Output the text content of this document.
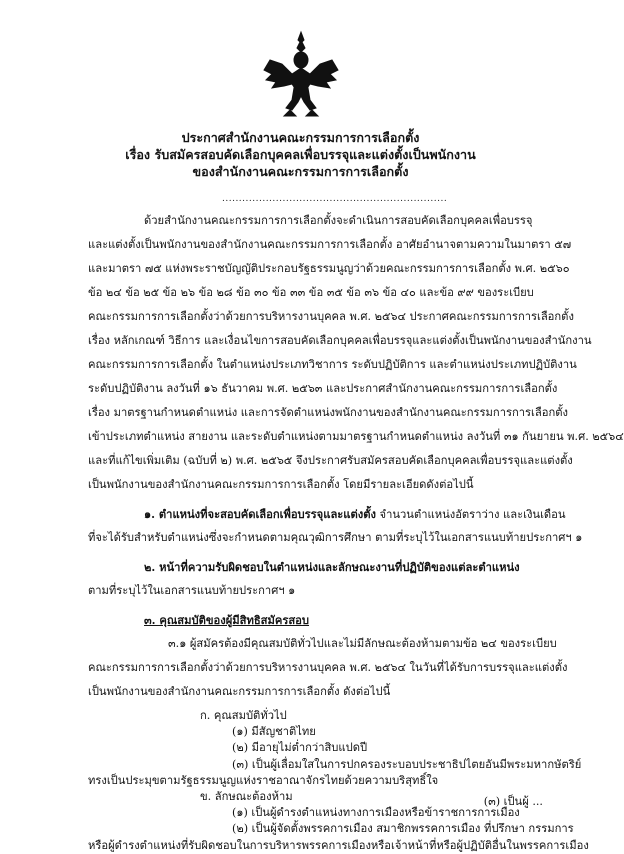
ประกาศสำนักงานคณะกรรมการการเลือกตั้ง
เรื่อง รับสมัครสอบคัดเลือกบุคคลเพื่อบรรจุและแต่งตั้งเป็นพนักงาน
ของสำนักงานคณะกรรมการการเลือกตั้ง
...................................................................
ด้วยสำนักงานคณะกรรมการการเลือกตั้งจะดำเนินการสอบคัดเลือกบุคคลเพื่อบรรจุ
และแต่งตั้งเป็นพนักงานของสำนักงานคณะกรรมการการเลือกตั้ง อาศัยอำนาจตามความในมาตรา ๕๗
และมาตรา ๗๕ แห่งพระราชบัญญัติประกอบรัฐธรรมนูญว่าด้วยคณะกรรมการการเลือกตั้ง พ.ศ. ๒๕๖๐
ข้อ ๒๔ ข้อ ๒๕ ข้อ ๒๖ ข้อ ๒๘ ข้อ ๓๐ ข้อ ๓๓ ข้อ ๓๕ ข้อ ๓๖ ข้อ ๔๐ และข้อ ๙๙ ของระเบียบ
คณะกรรมการการเลือกตั้งว่าด้วยการบริหารงานบุคคล พ.ศ. ๒๕๖๔ ประกาศคณะกรรมการการเลือกตั้ง
เรื่อง หลักเกณฑ์ วิธีการ และเงื่อนไขการสอบคัดเลือกบุคคลเพื่อบรรจุและแต่งตั้งเป็นพนักงานของสำนักงาน
คณะกรรมการการเลือกตั้ง ในตำแหน่งประเภทวิชาการ ระดับปฏิบัติการ และตำแหน่งประเภทปฏิบัติงาน
ระดับปฏิบัติงาน ลงวันที่ ๑๖ ธันวาคม พ.ศ. ๒๕๖๓ และประกาศสำนักงานคณะกรรมการการเลือกตั้ง
เรื่อง มาตรฐานกำหนดตำแหน่ง และการจัดตำแหน่งพนักงานของสำนักงานคณะกรรมการการเลือกตั้ง
เข้าประเภทตำแหน่ง สายงาน และระดับตำแหน่งตามมาตรฐานกำหนดตำแหน่ง ลงวันที่ ๓๑ กันยายน พ.ศ. ๒๕๖๔
และที่แก้ไขเพิ่มเติม (ฉบับที่ ๒) พ.ศ. ๒๕๖๕ จึงประกาศรับสมัครสอบคัดเลือกบุคคลเพื่อบรรจุและแต่งตั้ง
เป็นพนักงานของสำนักงานคณะกรรมการการเลือกตั้ง โดยมีรายละเอียดดังต่อไปนี้
๑. ตำแหน่งที่จะสอบคัดเลือกเพื่อบรรจุและแต่งตั้ง จำนวนตำแหน่งอัตราว่าง และเงินเดือน
ที่จะได้รับสำหรับตำแหน่งซึ่งจะกำหนดตามคุณวุฒิการศึกษา ตามที่ระบุไว้ในเอกสารแนบท้ายประกาศฯ ๑
๒. หน้าที่ความรับผิดชอบในตำแหน่งและลักษณะงานที่ปฏิบัติของแต่ละตำแหน่ง
ตามที่ระบุไว้ในเอกสารแนบท้ายประกาศฯ ๑
๓. คุณสมบัติของผู้มีสิทธิสมัครสอบ
๓.๑ ผู้สมัครต้องมีคุณสมบัติทั่วไปและไม่มีลักษณะต้องห้ามตามข้อ ๒๔ ของระเบียบ
คณะกรรมการการเลือกตั้งว่าด้วยการบริหารงานบุคคล พ.ศ. ๒๕๖๔ ในวันที่ได้รับการบรรจุและแต่งตั้ง
เป็นพนักงานของสำนักงานคณะกรรมการการเลือกตั้ง ดังต่อไปนี้
ก. คุณสมบัติทั่วไป
(๑) มีสัญชาติไทย
(๒) มีอายุไม่ต่ำกว่าสิบแปดปี
(๓) เป็นผู้ ...
(๓) เป็นผู้เลื่อมใสในการปกครองระบอบประชาธิปไตยอันมีพระมหากษัตริย์
ทรงเป็นประมุขตามรัฐธรรมนูญแห่งราชอาณาจักรไทยด้วยความบริสุทธิ์ใจ
ข. ลักษณะต้องห้าม
(๑) เป็นผู้ดำรงตำแหน่งทางการเมืองหรือข้าราชการการเมือง
(๒) เป็นผู้จัดตั้งพรรคการเมือง สมาชิกพรรคการเมือง ที่ปรึกษา กรรมการ
หรือผู้ดำรงตำแหน่งที่รับผิดชอบในการบริหารพรรคการเมืองหรือเจ้าหน้าที่หรือผู้ปฏิบัติอื่นในพรรคการเมือง
